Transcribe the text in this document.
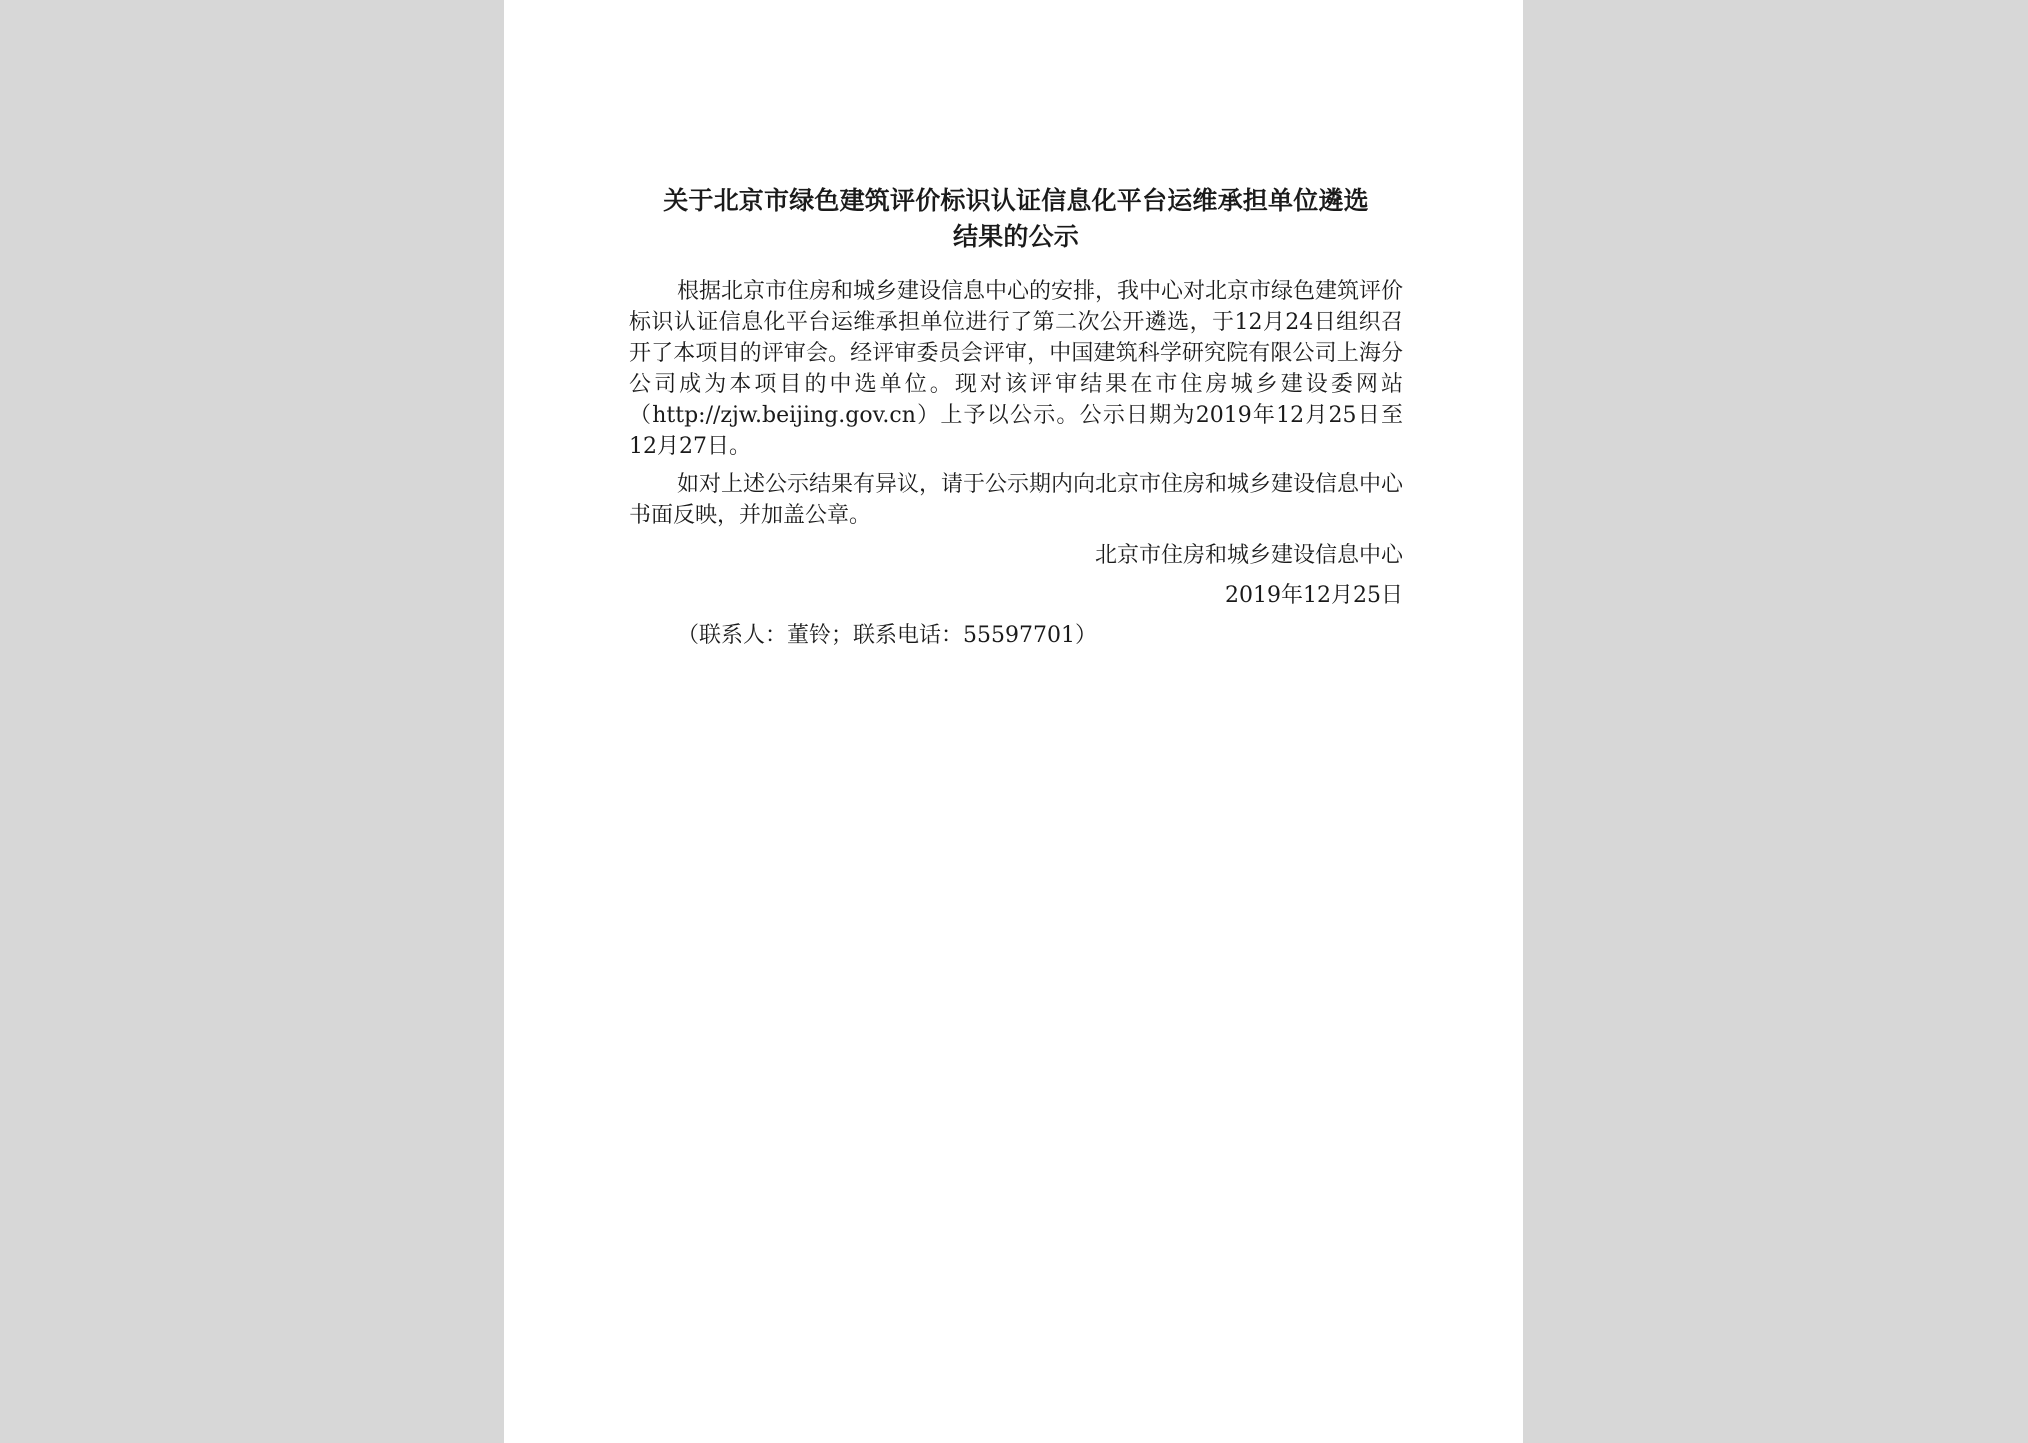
关于北京市绿色建筑评价标识认证信息化平台运维承担单位遴选
结果的公示

根据北京市住房和城乡建设信息中心的安排，我中心对北京市绿色建筑评价标识认证信息化平台运维承担单位进行了第二次公开遴选，于12月24日组织召开了本项目的评审会。经评审委员会评审，中国建筑科学研究院有限公司上海分公司成为本项目的中选单位。现对该评审结果在市住房城乡建设委网站（http://zjw.beijing.gov.cn）上予以公示。公示日期为2019年12月25日至12月27日。

如对上述公示结果有异议，请于公示期内向北京市住房和城乡建设信息中心书面反映，并加盖公章。

北京市住房和城乡建设信息中心
2019年12月25日
（联系人：董铃；联系电话：55597701）
